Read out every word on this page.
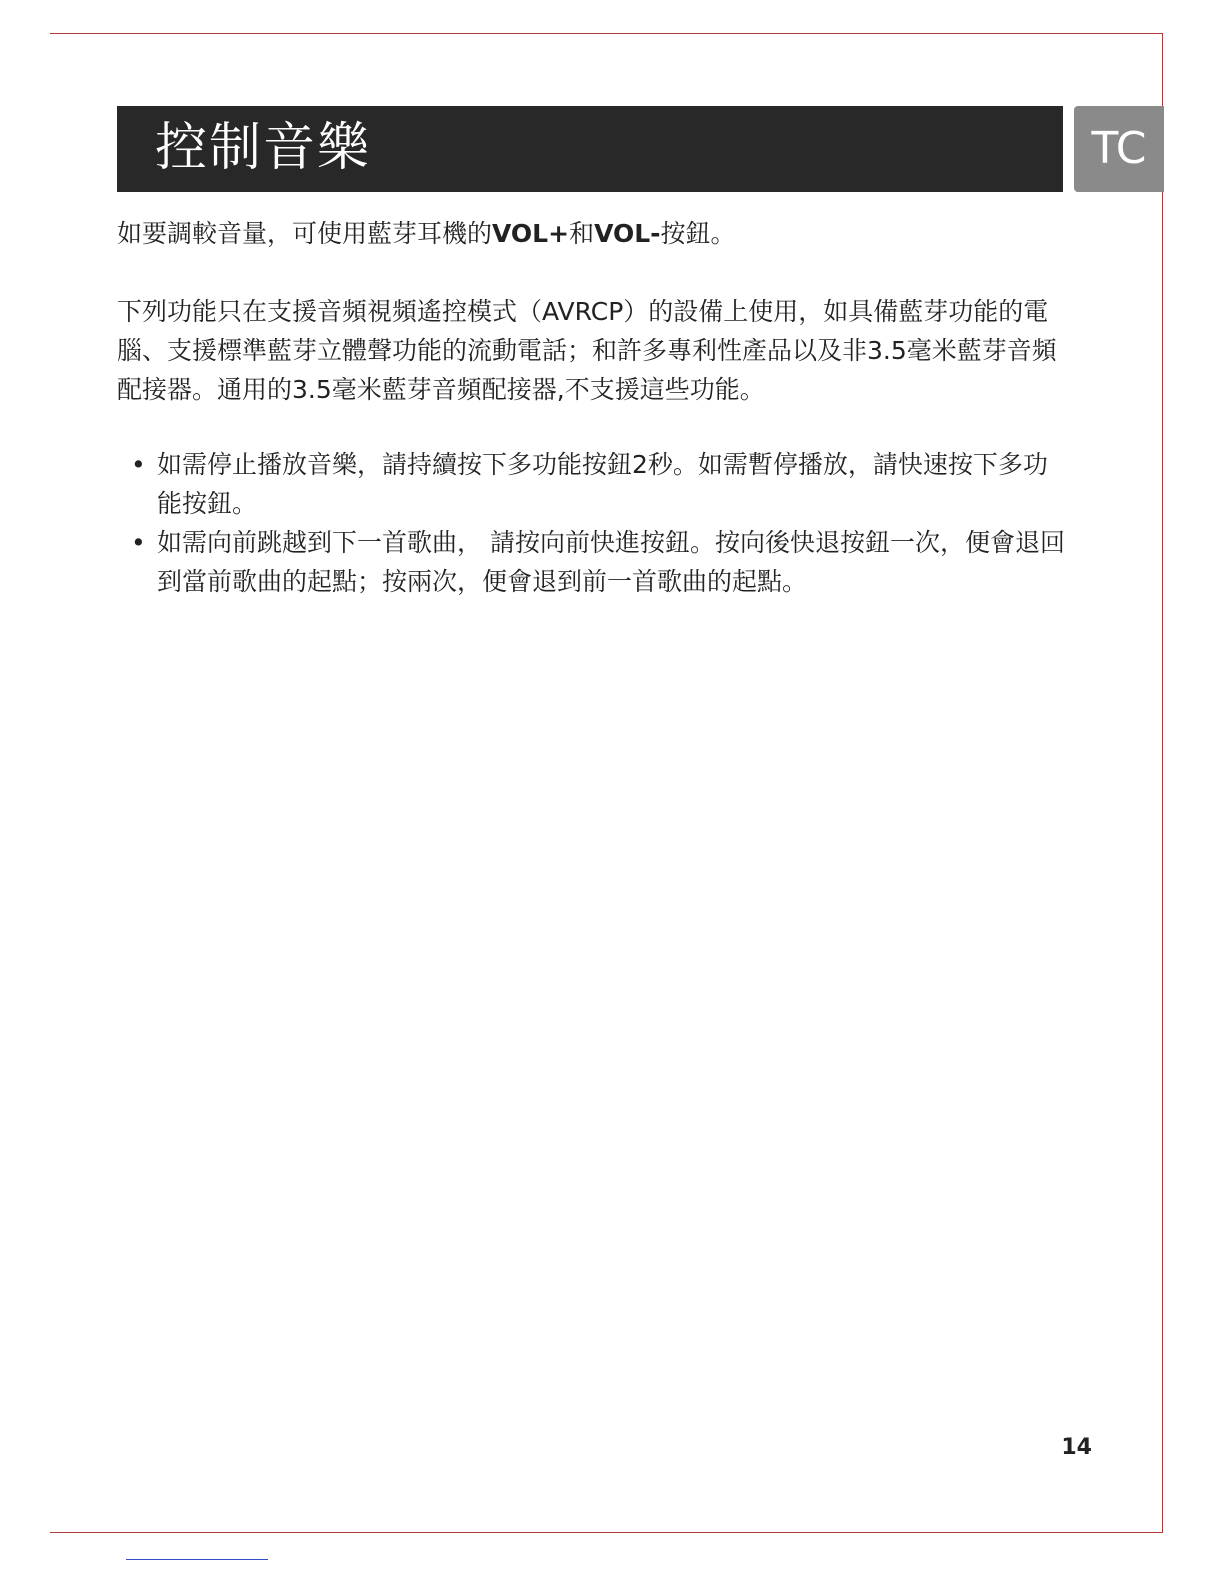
控制音樂	TC

如要調較音量，可使用藍芽耳機的VOL+和VOL-按鈕。

下列功能只在支援音頻視頻遙控模式（AVRCP）的設備上使用，如具備藍芽功能的電腦、支援標準藍芽立體聲功能的流動電話；和許多專利性產品以及非3.5毫米藍芽音頻配接器。通用的3.5毫米藍芽音頻配接器,不支援這些功能。

• 如需停止播放音樂，請持續按下多功能按鈕2秒。如需暫停播放，請快速按下多功能按鈕。
• 如需向前跳越到下一首歌曲， 請按向前快進按鈕。按向後快退按鈕一次，便會退回到當前歌曲的起點；按兩次，便會退到前一首歌曲的起點。
14
